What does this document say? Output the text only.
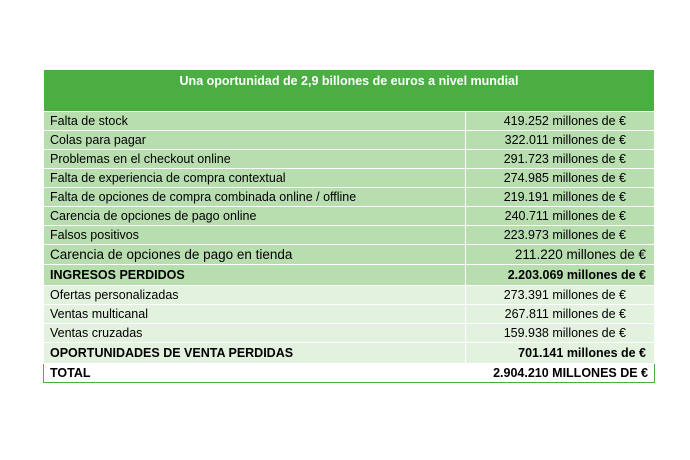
Una oportunidad de 2,9 billones de euros a nivel mundial	
Falta de stock	419.252 millones de €
Colas para pagar	322.011 millones de €
Problemas en el checkout online	291.723 millones de €
Falta de experiencia de compra contextual	274.985 millones de €
Falta de opciones de compra combinada online / offline	219.191 millones de €
Carencia de opciones de pago online	240.711 millones de €
Falsos positivos	223.973 millones de €
Carencia de opciones de pago en tienda	211.220 millones de €
INGRESOS PERDIDOS	2.203.069 millones de €
Ofertas personalizadas	273.391 millones de €
Ventas multicanal	267.811 millones de €
Ventas cruzadas	159.938 millones de €
OPORTUNIDADES DE VENTA PERDIDAS	701.141 millones de €
TOTAL	2.904.210 MILLONES DE €
